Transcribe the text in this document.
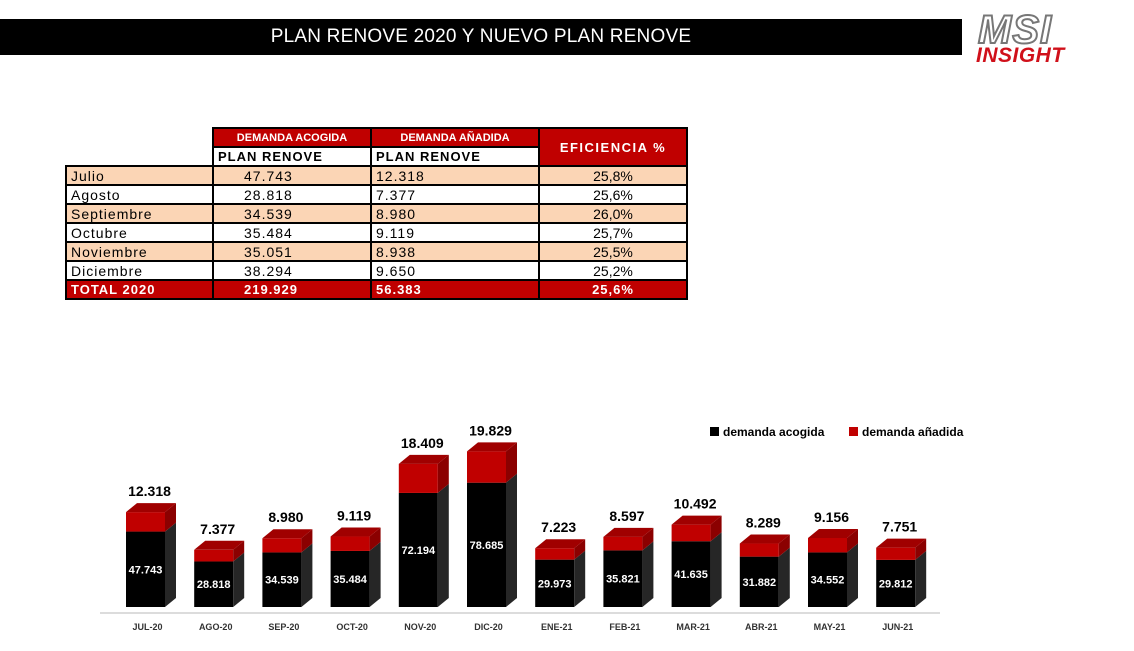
PLAN RENOVE 2020 Y NUEVO PLAN RENOVE	MSI
INSIGHT
	DEMANDA ACOGIDA	DEMANDA AÑADIDA	EFICIENCIA %
	PLAN RENOVE	PLAN RENOVE	
Julio	47.743	12.318	25,8%
Agosto	28.818	7.377	25,6%
Septiembre	34.539	8.980	26,0%
Octubre	35.484	9.119	25,7%
Noviembre	35.051	8.938	25,5%
Diciembre	38.294	9.650	25,2%
TOTAL 2020	219.929	56.383	25,6%
47.743
12.318
JUL-20
28.818
7.377
AGO-20
34.539
8.980
SEP-20
35.484
9.119
OCT-20
72.194
18.409
NOV-20
78.685
19.829
DIC-20
29.973
7.223
ENE-21
35.821
8.597
FEB-21
41.635
10.492
MAR-21
31.882
8.289
ABR-21
34.552
9.156
MAY-21
29.812
7.751
JUN-21
demanda acogida	demanda añadida
